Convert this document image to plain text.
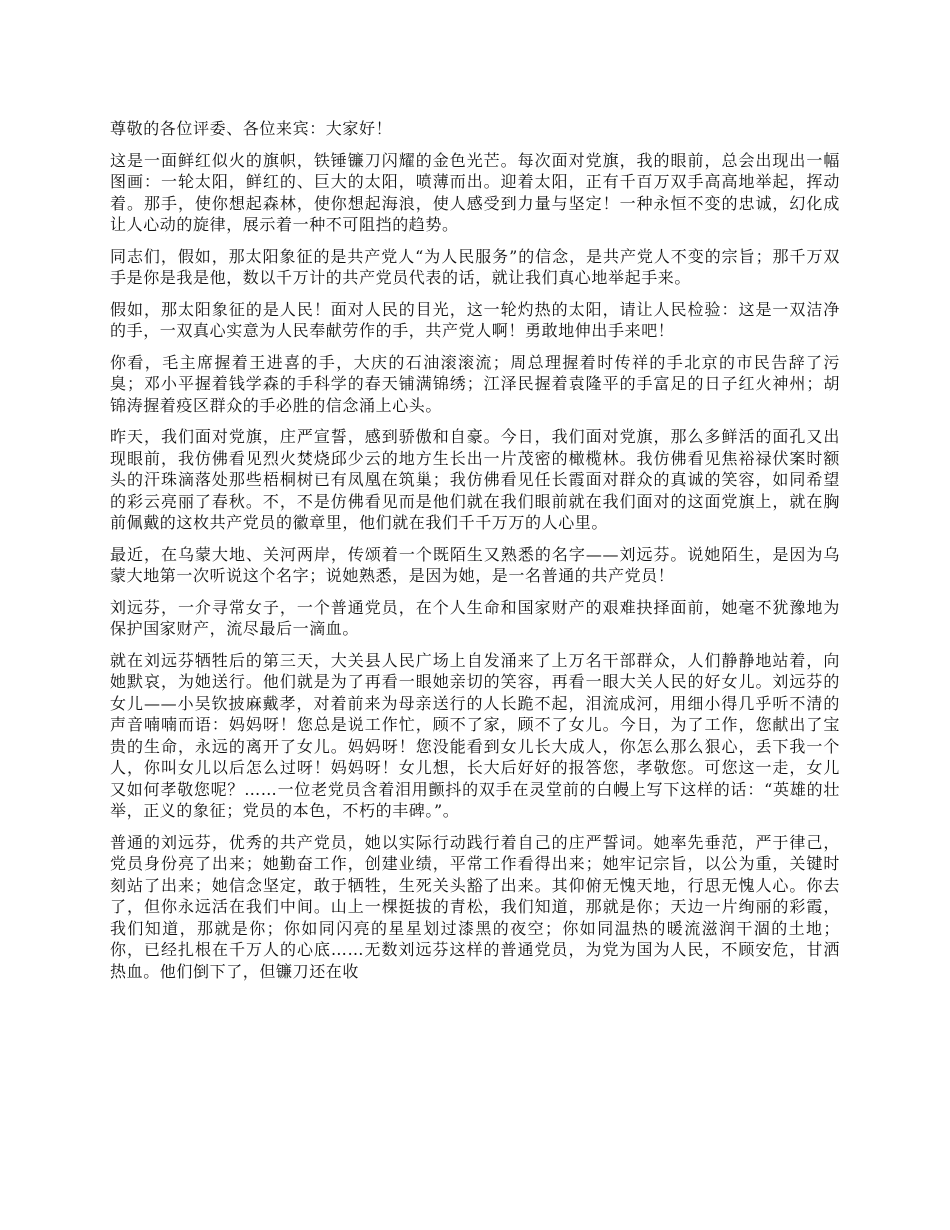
尊敬的各位评委、各位来宾：大家好！

这是一面鲜红似火的旗帜，铁锤镰刀闪耀的金色光芒。每次面对党旗，我的眼前，总会出现出一幅图画：一轮太阳，鲜红的、巨大的太阳，喷薄而出。迎着太阳，正有千百万双手高高地举起，挥动着。那手，使你想起森林，使你想起海浪，使人感受到力量与坚定！一种永恒不变的忠诚，幻化成让人心动的旋律，展示着一种不可阻挡的趋势。

同志们，假如，那太阳象征的是共产党人“为人民服务”的信念，是共产党人不变的宗旨；那千万双手是你是我是他，数以千万计的共产党员代表的话，就让我们真心地举起手来。

假如，那太阳象征的是人民！面对人民的目光，这一轮灼热的太阳，请让人民检验：这是一双洁净的手，一双真心实意为人民奉献劳作的手，共产党人啊！勇敢地伸出手来吧！

你看，毛主席握着王进喜的手，大庆的石油滚滚流；周总理握着时传祥的手北京的市民告辞了污臭；邓小平握着钱学森的手科学的春天铺满锦绣；江泽民握着袁隆平的手富足的日子红火神州；胡锦涛握着疫区群众的手必胜的信念涌上心头。

昨天，我们面对党旗，庄严宣誓，感到骄傲和自豪。今日，我们面对党旗，那么多鲜活的面孔又出现眼前，我仿佛看见烈火焚烧邱少云的地方生长出一片茂密的橄榄林。我仿佛看见焦裕禄伏案时额头的汗珠滴落处那些梧桐树已有凤凰在筑巢；我仿佛看见任长霞面对群众的真诚的笑容，如同希望的彩云亮丽了春秋。不，不是仿佛看见而是他们就在我们眼前就在我们面对的这面党旗上，就在胸前佩戴的这枚共产党员的徽章里，他们就在我们千千万万的人心里。

最近，在乌蒙大地、关河两岸，传颂着一个既陌生又熟悉的名字——刘远芬。说她陌生，是因为乌蒙大地第一次听说这个名字；说她熟悉，是因为她，是一名普通的共产党员！

刘远芬，一介寻常女子，一个普通党员，在个人生命和国家财产的艰难抉择面前，她毫不犹豫地为保护国家财产，流尽最后一滴血。

就在刘远芬牺牲后的第三天，大关县人民广场上自发涌来了上万名干部群众，人们静静地站着，向她默哀，为她送行。他们就是为了再看一眼她亲切的笑容，再看一眼大关人民的好女儿。刘远芬的女儿——小吴钦披麻戴孝，对着前来为母亲送行的人长跪不起，泪流成河，用细小得几乎听不清的声音喃喃而语：妈妈呀！您总是说工作忙，顾不了家，顾不了女儿。今日，为了工作，您献出了宝贵的生命，永远的离开了女儿。妈妈呀！您没能看到女儿长大成人，你怎么那么狠心，丢下我一个人，你叫女儿以后怎么过呀！妈妈呀！女儿想，长大后好好的报答您，孝敬您。可您这一走，女儿又如何孝敬您呢？……一位老党员含着泪用颤抖的双手在灵堂前的白幔上写下这样的话：“英雄的壮举，正义的象征；党员的本色，不朽的丰碑。”。

普通的刘远芬，优秀的共产党员，她以实际行动践行着自己的庄严誓词。她率先垂范，严于律己，党员身份亮了出来；她勤奋工作，创建业绩，平常工作看得出来；她牢记宗旨，以公为重，关键时刻站了出来；她信念坚定，敢于牺牲，生死关头豁了出来。其仰俯无愧天地，行思无愧人心。你去了，但你永远活在我们中间。山上一棵挺拔的青松，我们知道，那就是你；天边一片绚丽的彩霞，我们知道，那就是你；你如同闪亮的星星划过漆黑的夜空；你如同温热的暖流滋润干涸的土地；你，已经扎根在千万人的心底……无数刘远芬这样的普通党员，为党为国为人民，不顾安危，甘洒热血。他们倒下了，但镰刀还在收
